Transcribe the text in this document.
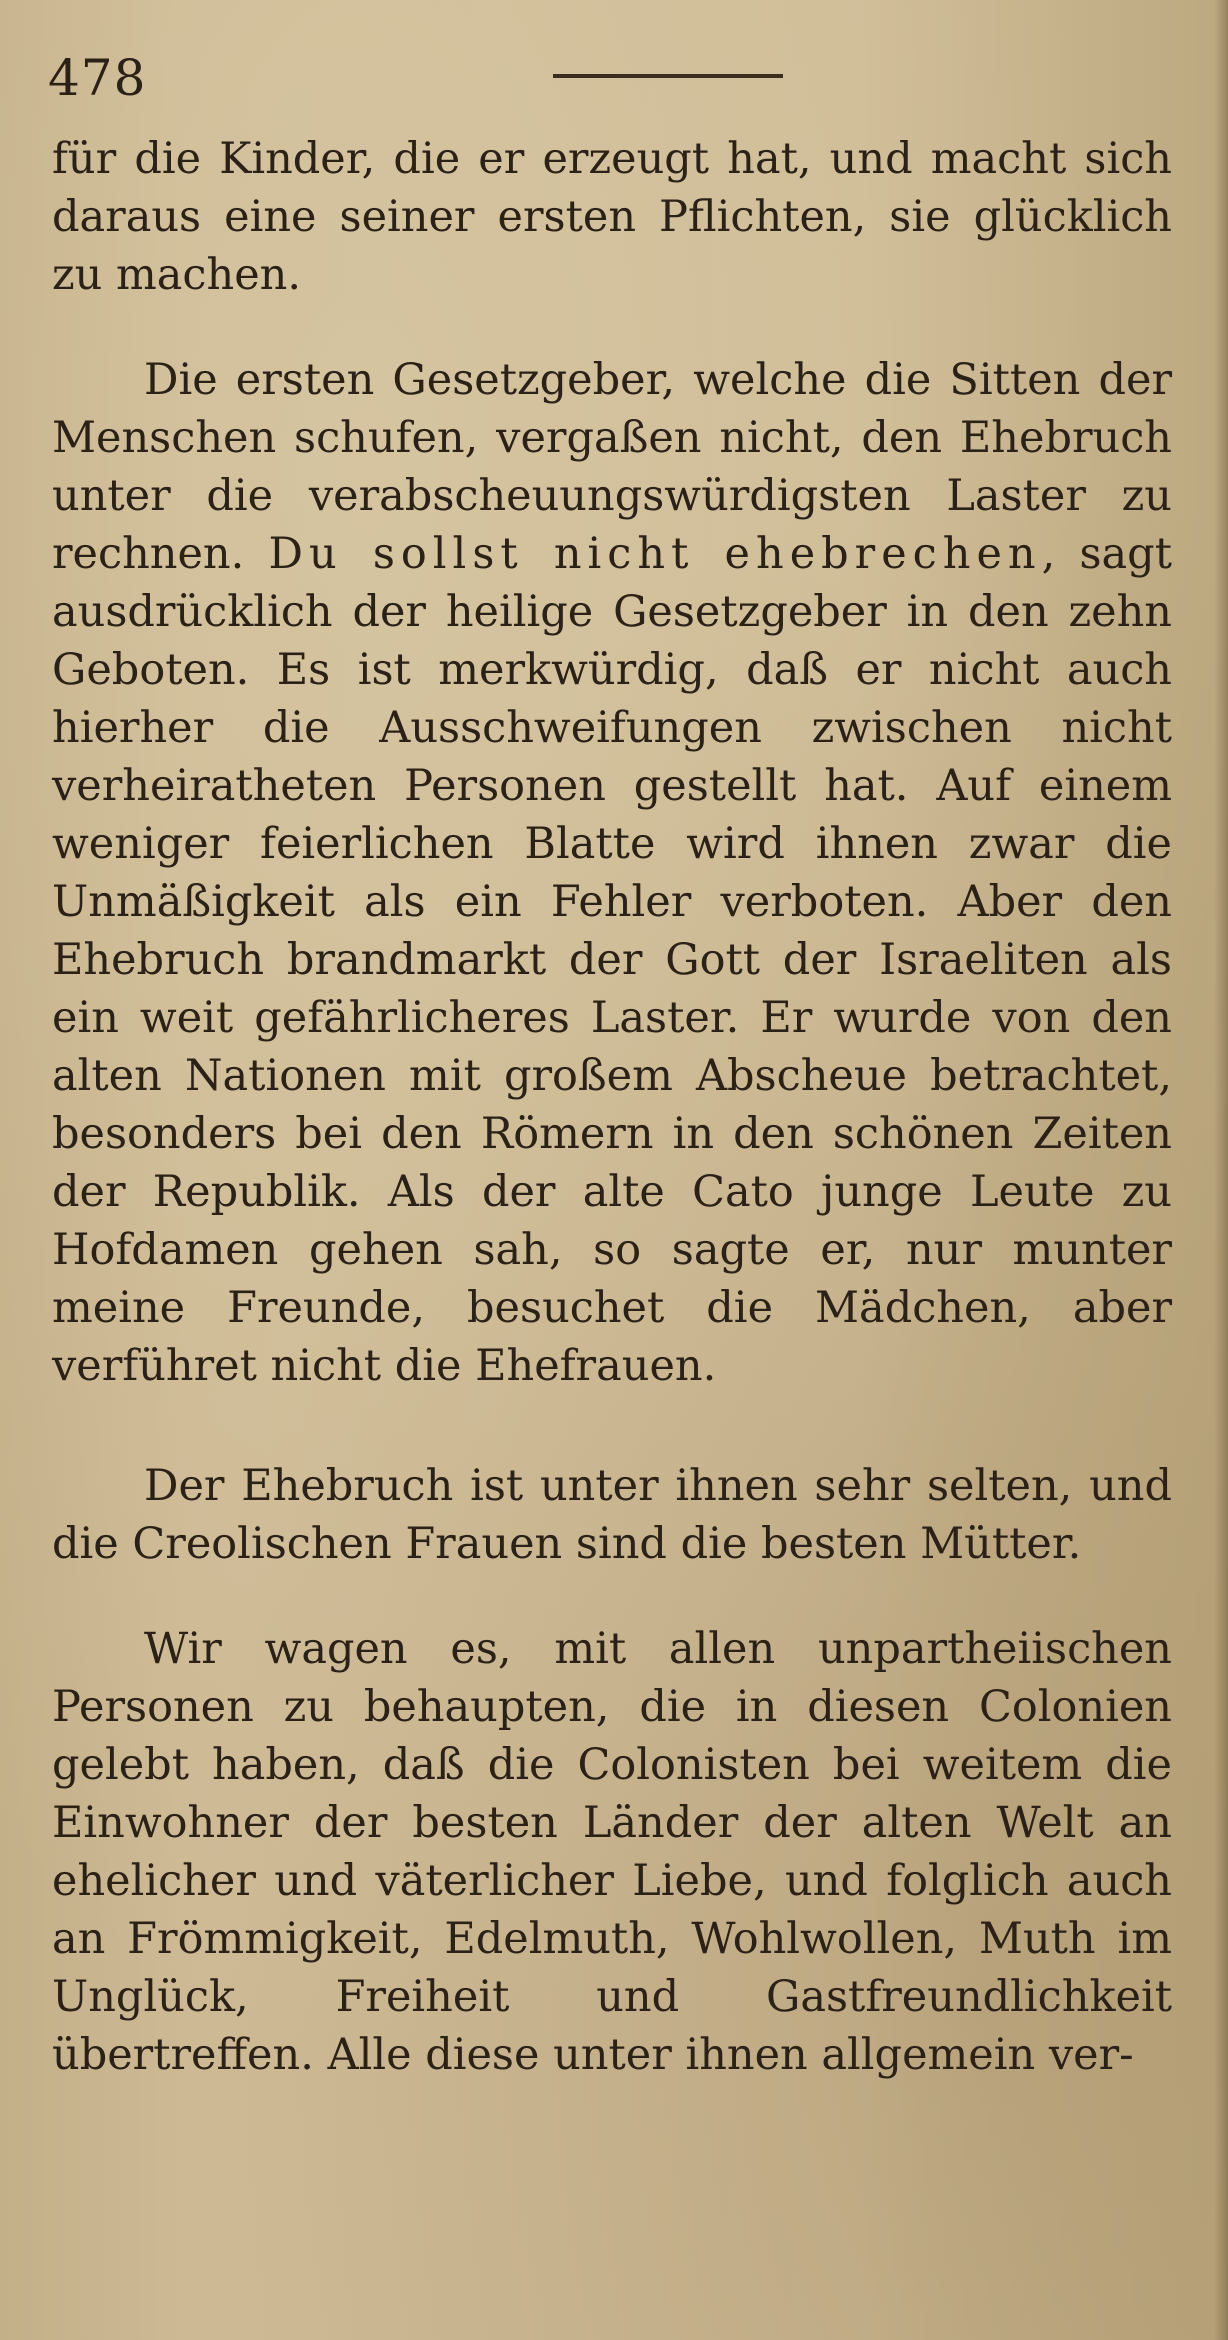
478

für die Kinder, die er erzeugt hat, und macht sich daraus eine seiner ersten Pflichten, sie glücklich zu machen.

Die ersten Gesetzgeber, welche die Sitten der Menschen schufen, vergaßen nicht, den Ehebruch unter die verabscheuungswürdigsten Laster zu rechnen. Du sollst nicht ehebrechen, sagt ausdrücklich der heilige Gesetzgeber in den zehn Geboten. Es ist merkwürdig, daß er nicht auch hierher die Ausschweifungen zwischen nicht verheiratheten Personen gestellt hat. Auf einem weniger feierlichen Blatte wird ihnen zwar die Unmäßigkeit als ein Fehler verboten. Aber den Ehebruch brandmarkt der Gott der Israeliten als ein weit gefährlicheres Laster. Er wurde von den alten Nationen mit großem Abscheue betrachtet, besonders bei den Römern in den schönen Zeiten der Republik. Als der alte Cato junge Leute zu Hofdamen gehen sah, so sagte er, nur munter meine Freunde, besuchet die Mädchen, aber verführet nicht die Ehefrauen.

Der Ehebruch ist unter ihnen sehr selten, und die Creolischen Frauen sind die besten Mütter.

Wir wagen es, mit allen unpartheiischen Personen zu behaupten, die in diesen Colonien gelebt haben, daß die Colonisten bei weitem die Einwohner der besten Länder der alten Welt an ehelicher und väterlicher Liebe, und folglich auch an Frömmigkeit, Edelmuth, Wohlwollen, Muth im Unglück, Freiheit und Gastfreundlichkeit übertreffen. Alle diese unter ihnen allgemein ver-
